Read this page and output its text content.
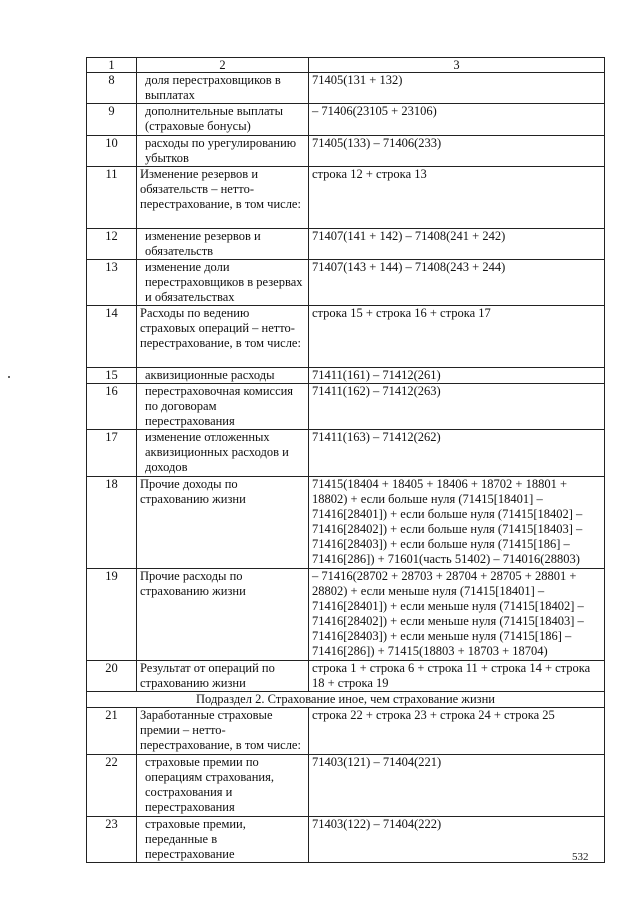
1	2	3
8	доля перестраховщиков в выплатах	71405(131 + 132)
9	дополнительные выплаты (страховые бонусы)	– 71406(23105 + 23106)
10	расходы по урегулированию убытков	71405(133) – 71406(233)
11	Изменение резервов и обязательств – нетто-перестрахование, в том числе:	строка 12 + строка 13
12	изменение резервов и обязательств	71407(141 + 142) – 71408(241 + 242)
13	изменение доли перестраховщиков в резервах и обязательствах	71407(143 + 144) – 71408(243 + 244)
14	Расходы по ведению страховых операций – нетто-перестрахование, в том числе:	строка 15 + строка 16 + строка 17
15	аквизиционные расходы	71411(161) – 71412(261)
16	перестраховочная комиссия по договорам перестрахования	71411(162) – 71412(263)
17	изменение отложенных аквизиционных расходов и доходов	71411(163) – 71412(262)
18	Прочие доходы по страхованию жизни	71415(18404 + 18405 + 18406 + 18702 + 18801 + 18802) + если больше нуля (71415[18401] – 71416[28401]) + если больше нуля (71415[18402] – 71416[28402]) + если больше нуля (71415[18403] – 71416[28403]) + если больше нуля (71415[186] – 71416[286]) + 71601(часть 51402) – 714016(28803)
19	Прочие расходы по страхованию жизни	– 71416(28702 + 28703 + 28704 + 28705 + 28801 + 28802) + если меньше нуля (71415[18401] – 71416[28401]) + если меньше нуля (71415[18402] – 71416[28402]) + если меньше нуля (71415[18403] – 71416[28403]) + если меньше нуля (71415[186] – 71416[286]) + 71415(18803 + 18703 + 18704)
20	Результат от операций по страхованию жизни	строка 1 + строка 6 + строка 11 + строка 14 + строка 18 + строка 19
Подраздел 2. Страхование иное, чем страхование жизни		
21	Заработанные страховые премии – нетто-перестрахование, в том числе:	строка 22 + строка 23 + строка 24 + строка 25
22	страховые премии по операциям страхования, сострахования и перестрахования	71403(121) – 71404(221)
23	страховые премии, переданные в перестрахование	71403(122) – 71404(222)
532
